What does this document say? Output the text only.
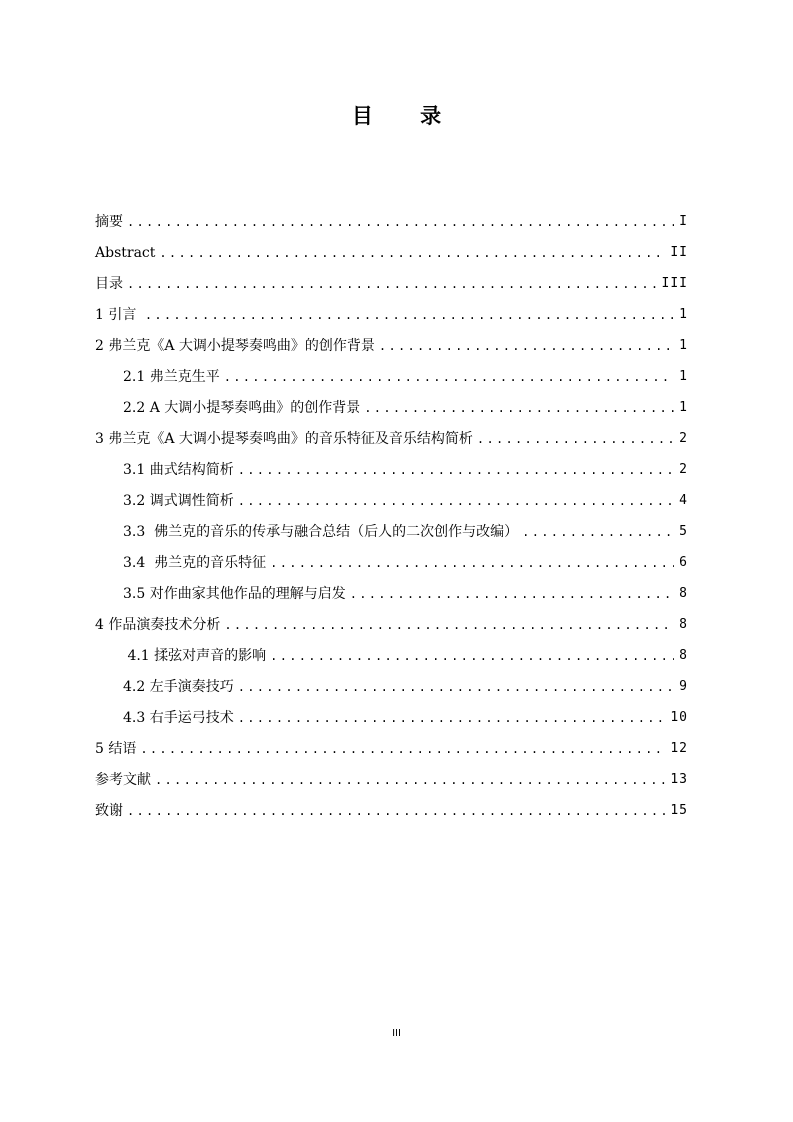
目 录
摘要 .....	I
Abstract .....	II
目录 .....	III
1 引言 .....	1
2 弗兰克《A 大调小提琴奏鸣曲》的创作背景 .....	1
2.1 弗兰克生平 .....	1
2.2 A 大调小提琴奏鸣曲》的创作背景 .....	1
3 弗兰克《A 大调小提琴奏鸣曲》的音乐特征及音乐结构简析 .....	2
3.1 曲式结构简析 .....	2
3.2 调式调性简析 .....	4
3.3  佛兰克的音乐的传承与融合总结（后人的二次创作与改编） .....	5
3.4  弗兰克的音乐特征 .....	6
3.5 对作曲家其他作品的理解与启发 .....	8
4 作品演奏技术分析 .....	8
4.1 揉弦对声音的影响 .....	8
4.2 左手演奏技巧 .....	9
4.3 右手运弓技术 .....	10
5 结语 .....	12
参考文献 .....	13
致谢 .....	15
III
